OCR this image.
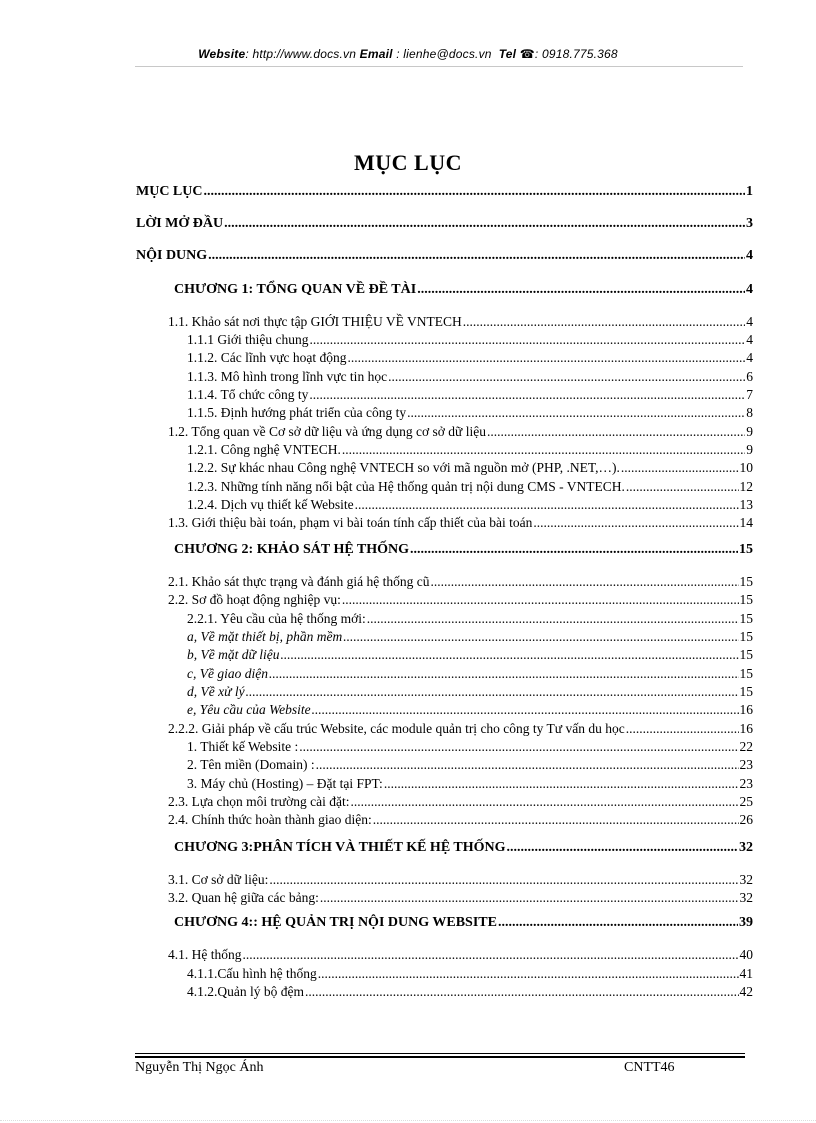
Website: http://www.docs.vn Email : lienhe@docs.vn Tel ☎: 0918.775.368
MỤC LỤC
MỤC LỤC .....	1
LỜI MỞ ĐẦU .....	3
NỘI DUNG .....	4
CHƯƠNG 1: TỔNG QUAN VỀ ĐỀ TÀI .....	4
1.1. Khảo sát nơi thực tập GIỚI THIỆU VỀ VNTECH .....	4
1.1.1 Giới thiệu chung .....	4
1.1.2. Các lĩnh vực hoạt động .....	4
1.1.3. Mô hình trong lĩnh vực tin học .....	6
1.1.4. Tổ chức công ty .....	7
1.1.5. Định hướng phát triển của công ty .....	8
1.2. Tổng quan về Cơ sở dữ liệu và ứng dụng cơ sở dữ liệu .....	9
1.2.1. Công nghệ VNTECH. .....	9
1.2.2. Sự khác nhau Công nghệ VNTECH so với mã nguồn mở (PHP, .NET,…). .....	10
1.2.3. Những tính năng nổi bật của Hệ thống quản trị nội dung CMS - VNTECH. .....	12
1.2.4. Dịch vụ thiết kế Website .....	13
1.3. Giới thiệu bài toán, phạm vi bài toán tính cấp thiết của bài toán .....	14
CHƯƠNG 2: KHẢO SÁT HỆ THỐNG .....	15
2.1. Khảo sát thực trạng và đánh giá hệ thống cũ .....	15
2.2. Sơ đồ hoạt động nghiệp vụ: .....	15
2.2.1. Yêu cầu của hệ thống mới: .....	15
a, Về mặt thiết bị, phần mềm .....	15
b, Về mặt dữ liệu .....	15
c, Về giao diện .....	15
d, Về xử lý .....	15
e, Yêu cầu của Website .....	16
2.2.2. Giải pháp về cấu trúc Website, các module quản trị cho công ty Tư vấn du học .....	16
1. Thiết kế Website : .....	22
2. Tên miền (Domain) : .....	23
3. Máy chủ (Hosting) – Đặt tại FPT: .....	23
2.3. Lựa chọn môi trường cài đặt: .....	25
2.4. Chính thức hoàn thành giao diện: .....	26
CHƯƠNG 3:PHÂN TÍCH VÀ THIẾT KẾ HỆ THỐNG .....	32
3.1. Cơ sở dữ liệu: .....	32
3.2. Quan hệ giữa các bảng: .....	32
CHƯƠNG 4:: HỆ QUẢN TRỊ NỘI DUNG WEBSITE .....	39
4.1. Hệ thống .....	40
4.1.1.Cấu hình hệ thống .....	41
4.1.2.Quản lý bộ đệm .....	42
Nguyễn Thị Ngọc Ánh	CNTT46
